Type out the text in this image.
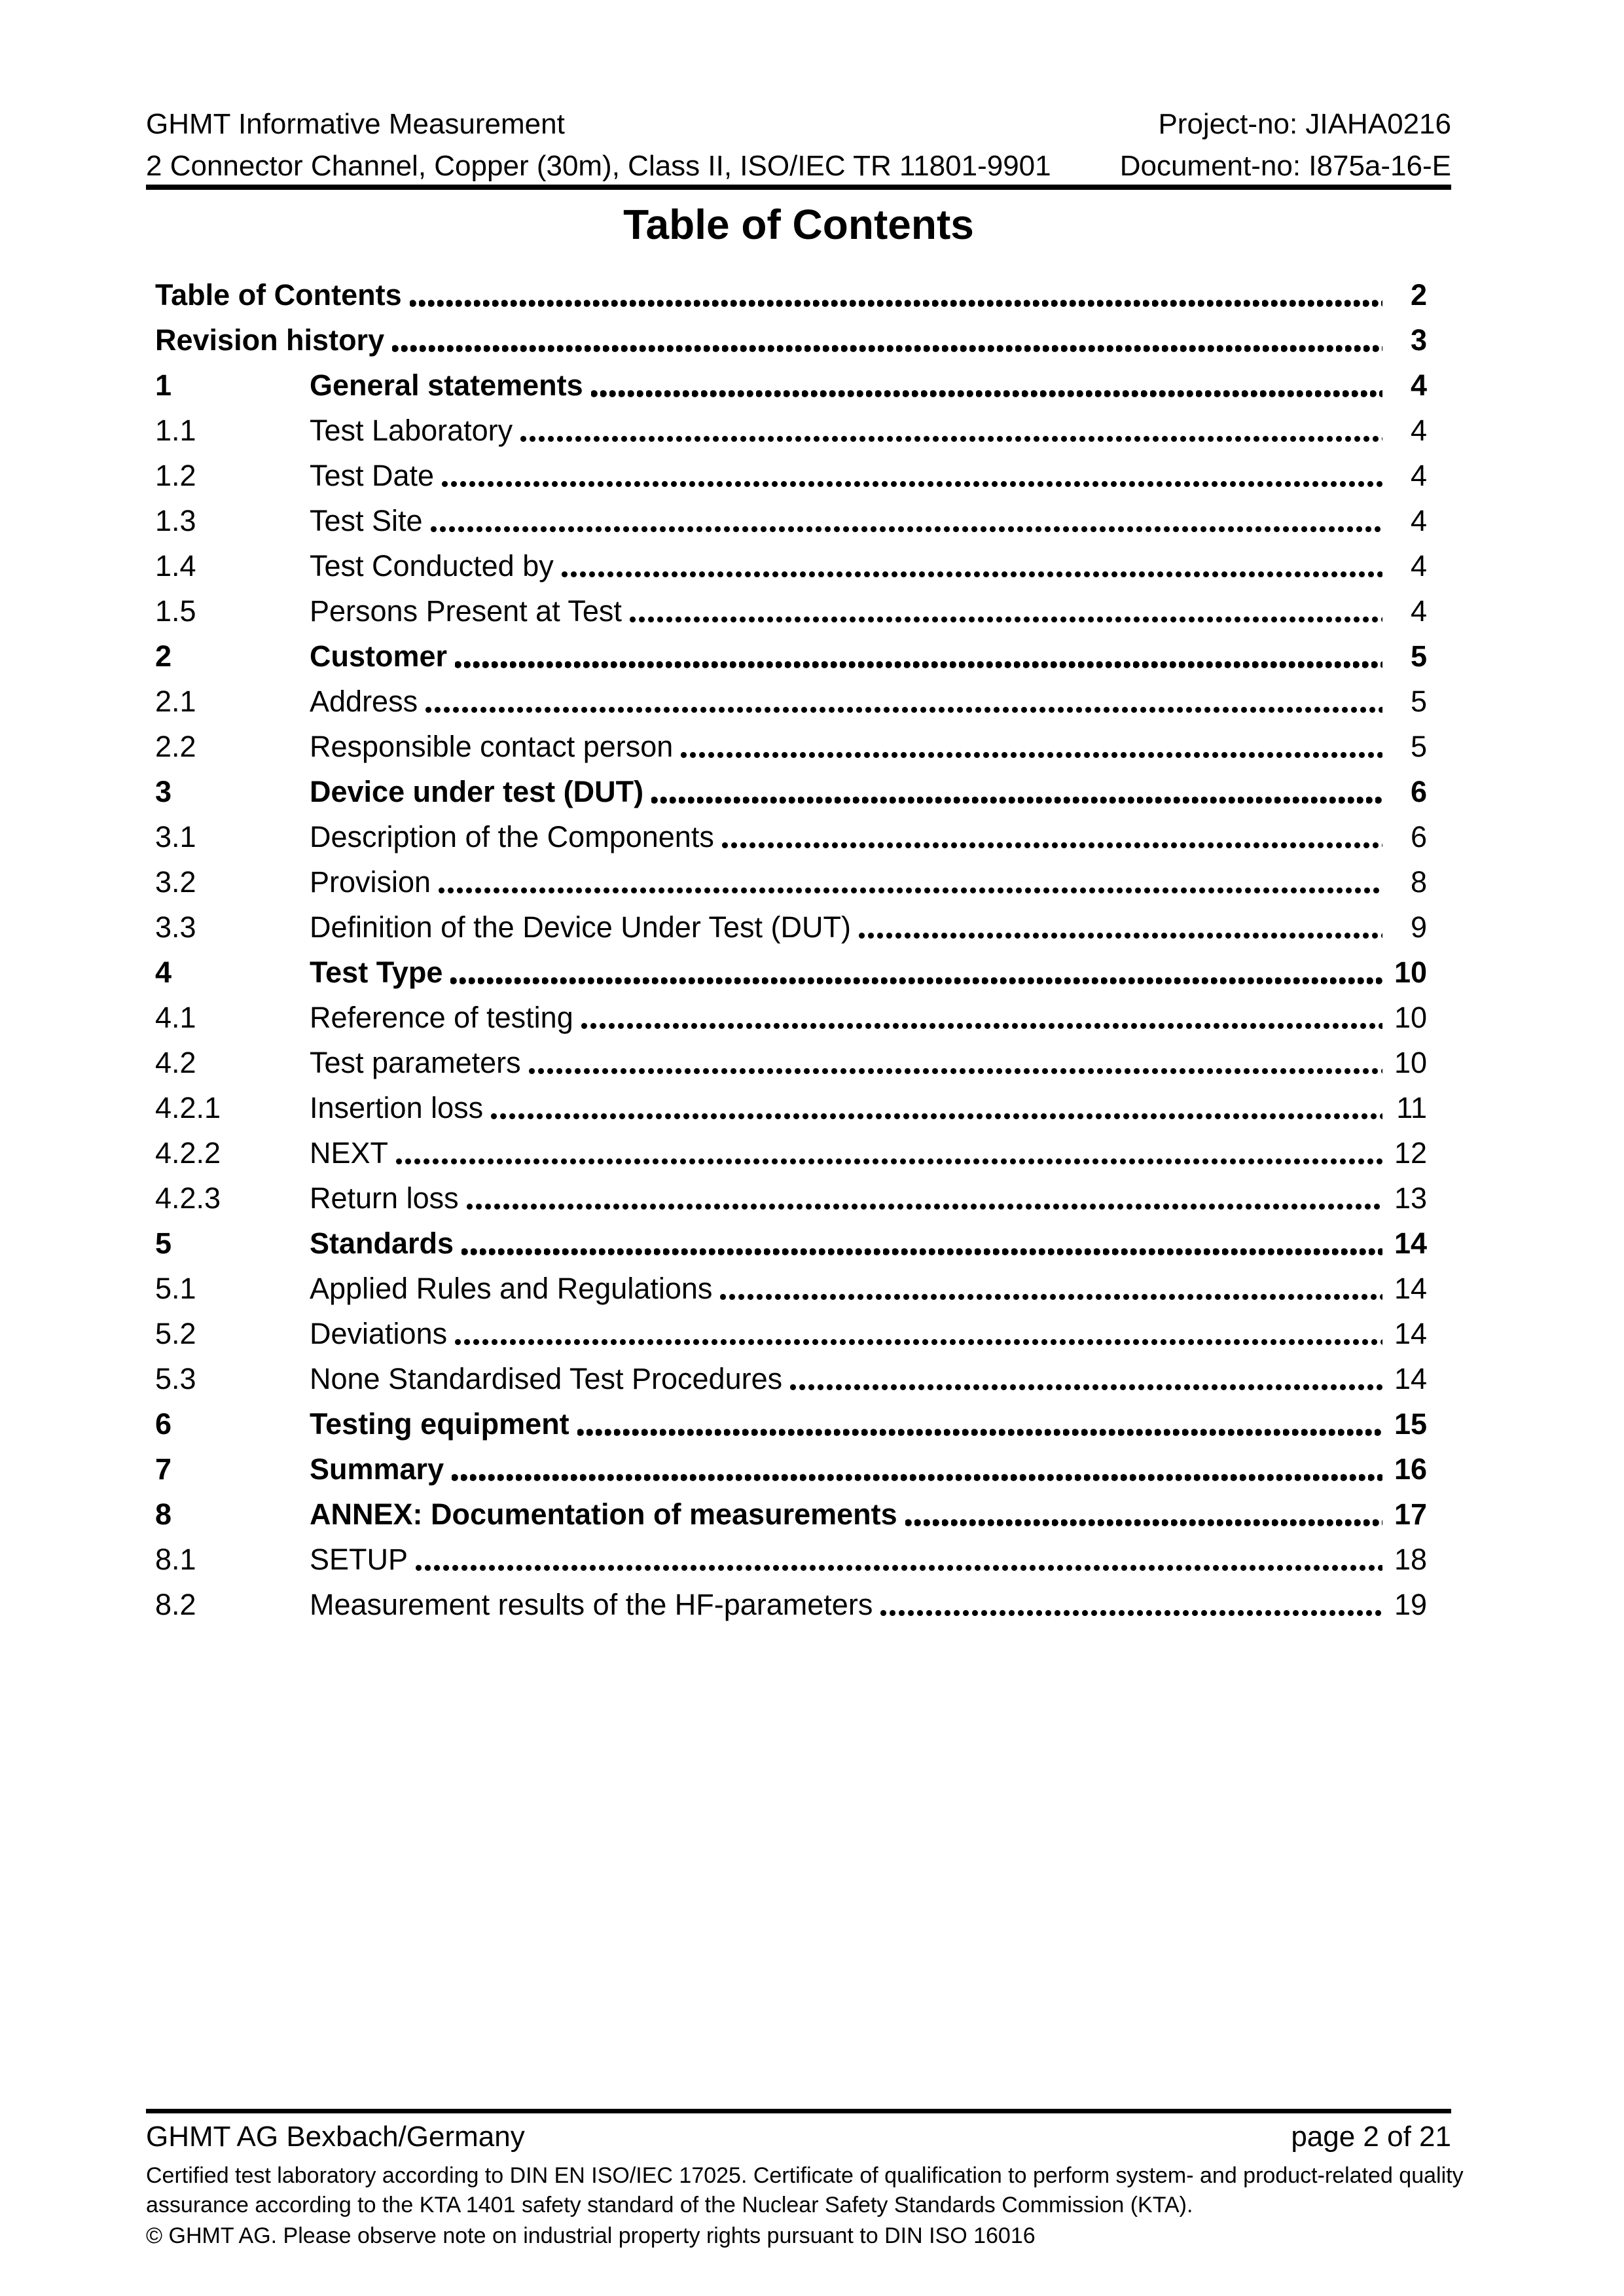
GHMT Informative Measurement	Project-no: JIAHA0216
2 Connector Channel, Copper (30m), Class II, ISO/IEC TR 11801-9901 Document-no: I875a-16-E
Table of Contents
Table of Contents	2
Revision history	3
1	General statements	4
1.1	Test Laboratory	4
1.2	Test Date	4
1.3	Test Site	4
1.4	Test Conducted by	4
1.5	Persons Present at Test	4
2	Customer	5
2.1	Address	5
2.2	Responsible contact person	5
3	Device under test (DUT)	6
3.1	Description of the Components	6
3.2	Provision	8
3.3	Definition of the Device Under Test (DUT)	9
4	Test Type	10
4.1	Reference of testing	10
4.2	Test parameters	10
4.2.1	Insertion loss	11
4.2.2	NEXT	12
4.2.3	Return loss	13
5	Standards	14
5.1	Applied Rules and Regulations	14
5.2	Deviations	14
5.3	None Standardised Test Procedures	14
6	Testing equipment	15
7	Summary	16
8	ANNEX: Documentation of measurements	17
8.1	SETUP	18
8.2	Measurement results of the HF-parameters	19
GHMT AG Bexbach/Germany	page 2 of 21
Certified test laboratory according to DIN EN ISO/IEC 17025. Certificate of qualification to perform system- and product-related quality
assurance according to the KTA 1401 safety standard of the Nuclear Safety Standards Commission (KTA).
© GHMT AG. Please observe note on industrial property rights pursuant to DIN ISO 16016
